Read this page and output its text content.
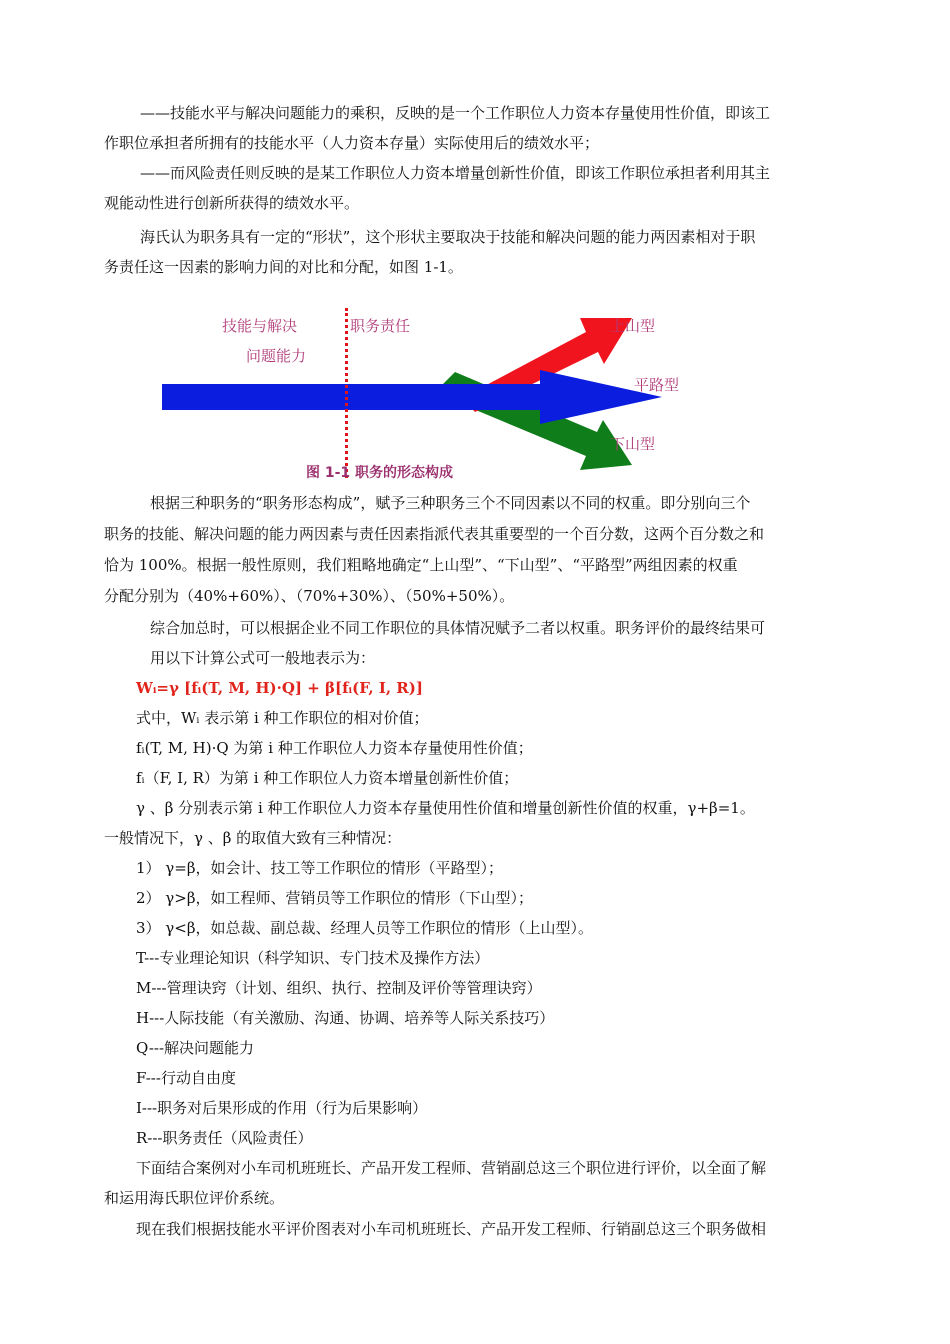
——技能水平与解决问题能力的乘积，反映的是一个工作职位人力资本存量使用性价值，即该工
作职位承担者所拥有的技能水平（人力资本存量）实际使用后的绩效水平；
——而风险责任则反映的是某工作职位人力资本增量创新性价值，即该工作职位承担者利用其主
观能动性进行创新所获得的绩效水平。
海氏认为职务具有一定的“形状”，这个形状主要取决于技能和解决问题的能力两因素相对于职
务责任这一因素的影响力间的对比和分配，如图 1-1。
技能与解决
问题能力
职务责任	上山型
平路型
下山型
图 1-1 职务的形态构成
根据三种职务的“职务形态构成”，赋予三种职务三个不同因素以不同的权重。即分别向三个
职务的技能、解决问题的能力两因素与责任因素指派代表其重要型的一个百分数，这两个百分数之和
恰为 100%。根据一般性原则，我们粗略地确定“上山型”、“下山型”、“平路型”两组因素的权重
分配分别为（40%+60%）、（70%+30%）、（50%+50%）。
综合加总时，可以根据企业不同工作职位的具体情况赋予二者以权重。职务评价的最终结果可
用以下计算公式可一般地表示为：
Wᵢ=γ [fᵢ(T, M, H)·Q] + β[fᵢ(F, I, R)]
式中，Wᵢ 表示第 i 种工作职位的相对价值；
fᵢ(T, M, H)·Q 为第 i 种工作职位人力资本存量使用性价值；
fᵢ（F, I, R）为第 i 种工作职位人力资本增量创新性价值；
γ 、β 分别表示第 i 种工作职位人力资本存量使用性价值和增量创新性价值的权重，γ+β=1。
一般情况下，γ 、β 的取值大致有三种情况：
1） γ=β，如会计、技工等工作职位的情形（平路型）；
2） γ>β，如工程师、营销员等工作职位的情形（下山型）；
3） γ<β，如总裁、副总裁、经理人员等工作职位的情形（上山型）。
T---专业理论知识（科学知识、专门技术及操作方法）
M---管理诀窍（计划、组织、执行、控制及评价等管理诀窍）
H---人际技能（有关激励、沟通、协调、培养等人际关系技巧）
Q---解决问题能力
F---行动自由度
I---职务对后果形成的作用（行为后果影响）
R---职务责任（风险责任）
下面结合案例对小车司机班班长、产品开发工程师、营销副总这三个职位进行评价，以全面了解
和运用海氏职位评价系统。
现在我们根据技能水平评价图表对小车司机班班长、产品开发工程师、行销副总这三个职务做相
